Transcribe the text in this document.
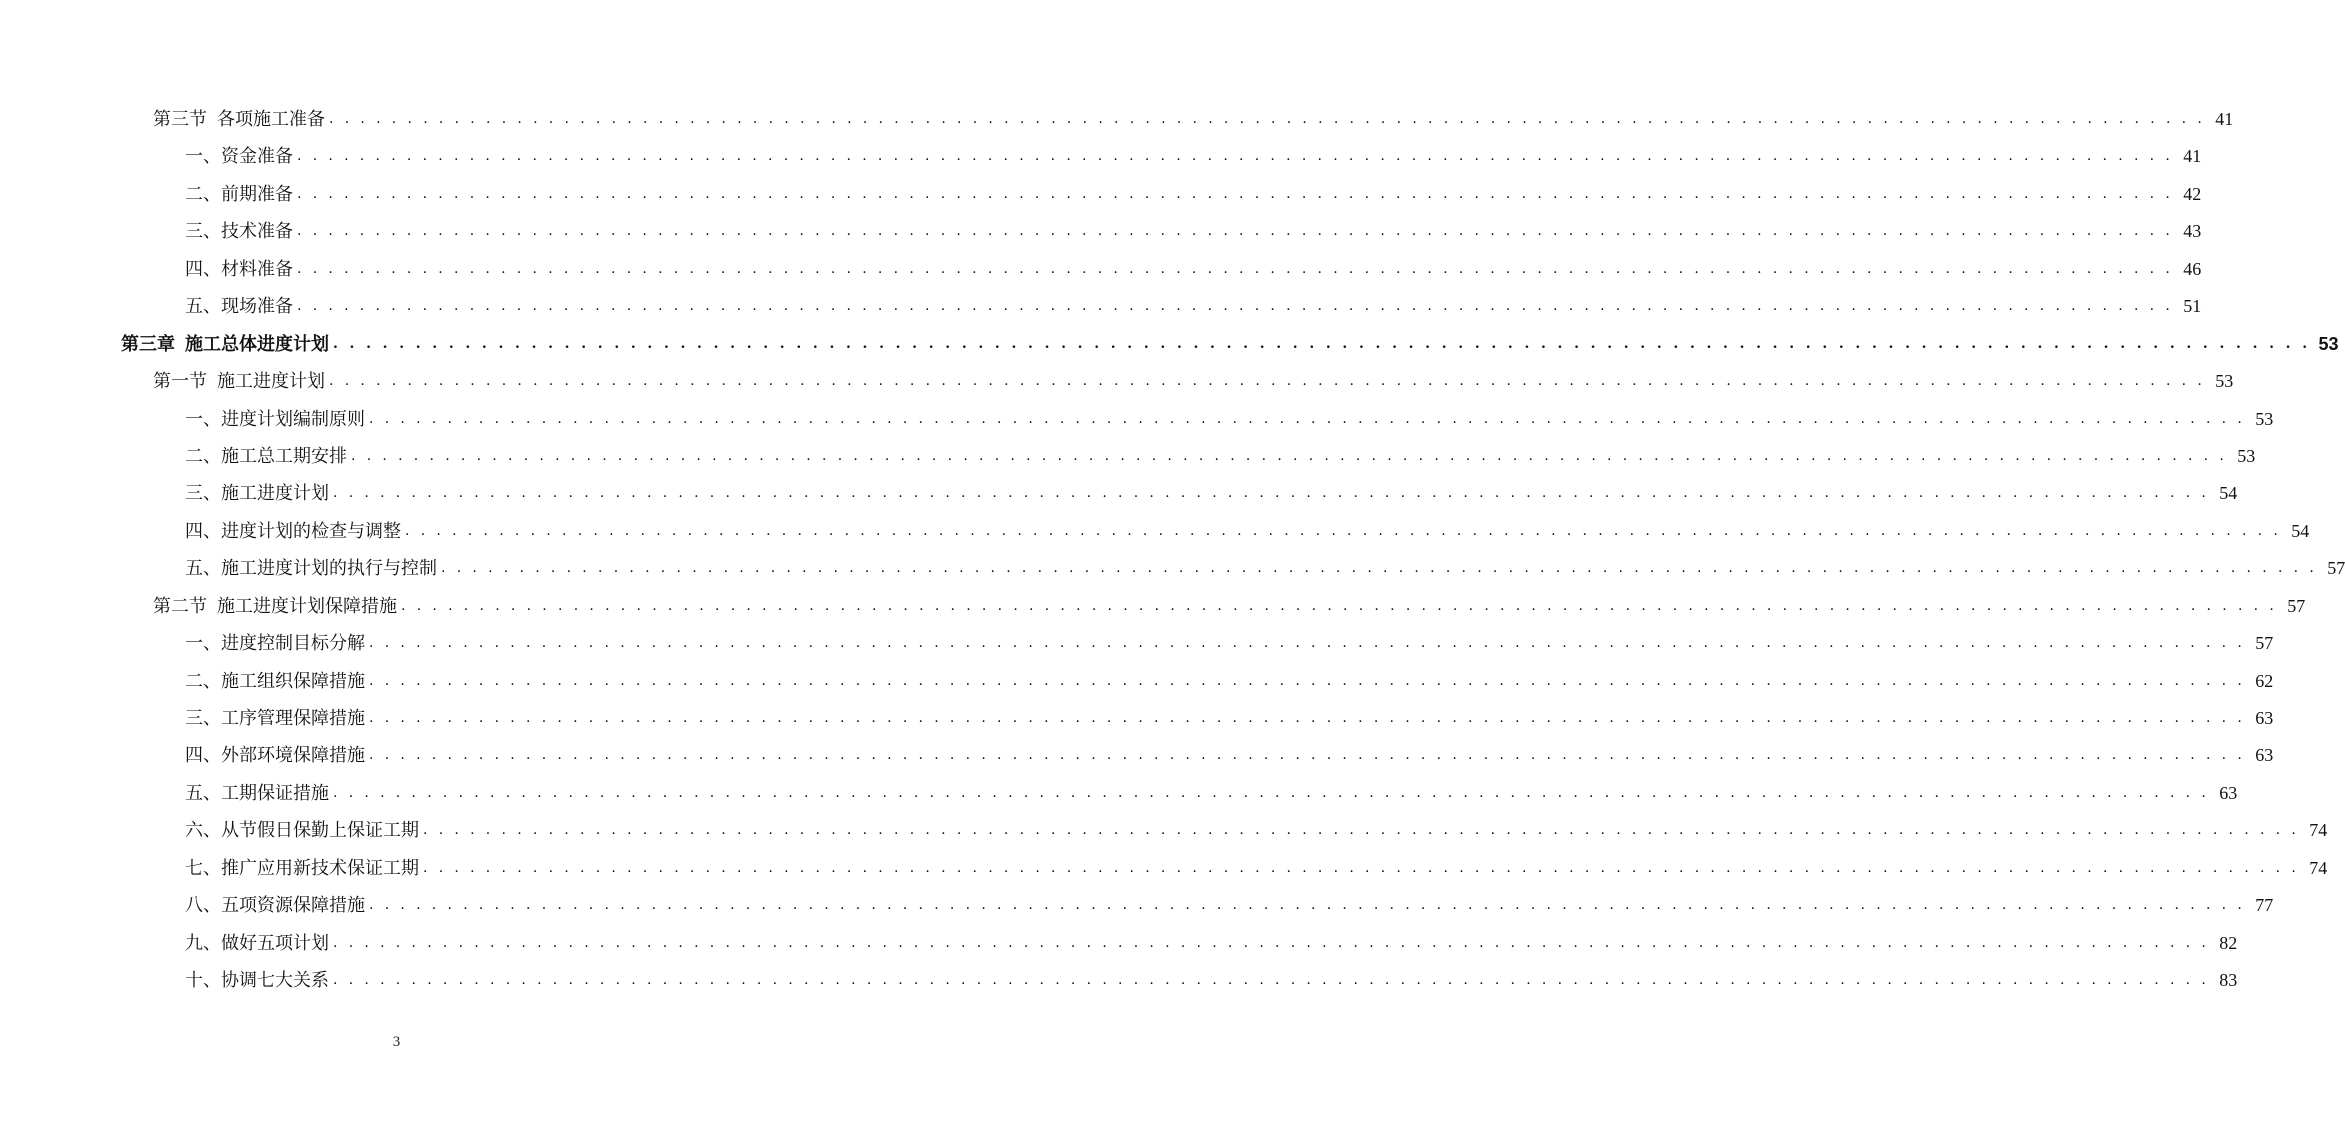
第三节 各项施工准备 . . . . . . . . . . . . . . . . . . . . . . . . . . . . . . . . . . . . . . . . . . . . . . . . . . . . . . . . . . . . . . . . . . . . . . . . . . . . . . . . . . . . . . . . . . . . . . . . . . . . . . . . . . . . . . . . . . . . . . . . 41
一、 资金准备 . . . . . . . . . . . . . . . . . . . . . . . . . . . . . . . . . . . . . . . . . . . . . . . . . . . . . . . . . . . . . . . . . . . . . . . . . . . . . . . . . . . . . . . . . . . . . . . . . . . . . . . . . . . . . . . . . . . . . . . . 41
二、 前期准备 . . . . . . . . . . . . . . . . . . . . . . . . . . . . . . . . . . . . . . . . . . . . . . . . . . . . . . . . . . . . . . . . . . . . . . . . . . . . . . . . . . . . . . . . . . . . . . . . . . . . . . . . . . . . . . . . . . . . . . . . 42
三、 技术准备 . . . . . . . . . . . . . . . . . . . . . . . . . . . . . . . . . . . . . . . . . . . . . . . . . . . . . . . . . . . . . . . . . . . . . . . . . . . . . . . . . . . . . . . . . . . . . . . . . . . . . . . . . . . . . . . . . . . . . . . . 43
四、 材料准备 . . . . . . . . . . . . . . . . . . . . . . . . . . . . . . . . . . . . . . . . . . . . . . . . . . . . . . . . . . . . . . . . . . . . . . . . . . . . . . . . . . . . . . . . . . . . . . . . . . . . . . . . . . . . . . . . . . . . . . . . 46
五、 现场准备 . . . . . . . . . . . . . . . . . . . . . . . . . . . . . . . . . . . . . . . . . . . . . . . . . . . . . . . . . . . . . . . . . . . . . . . . . . . . . . . . . . . . . . . . . . . . . . . . . . . . . . . . . . . . . . . . . . . . . . . . 51
第三章 施工总体进度计划 . . . . . . . . . . . . . . . . . . . . . . . . . . . . . . . . . . . . . . . . . . . . . . . . . . . . . . . . . . . . . . . . . . . . . . . . . . . . . . . . . . . . . . . . . . . . . . . . . . . . . . . . . . . . . . . . . . . . . . . . 53
第一节 施工进度计划 . . . . . . . . . . . . . . . . . . . . . . . . . . . . . . . . . . . . . . . . . . . . . . . . . . . . . . . . . . . . . . . . . . . . . . . . . . . . . . . . . . . . . . . . . . . . . . . . . . . . . . . . . . . . . . . . . . . . . . . . 53
一、 进度计划编制原则 . . . . . . . . . . . . . . . . . . . . . . . . . . . . . . . . . . . . . . . . . . . . . . . . . . . . . . . . . . . . . . . . . . . . . . . . . . . . . . . . . . . . . . . . . . . . . . . . . . . . . . . . . . . . . . . . . . . . . . . . 53
二、 施工总工期安排 . . . . . . . . . . . . . . . . . . . . . . . . . . . . . . . . . . . . . . . . . . . . . . . . . . . . . . . . . . . . . . . . . . . . . . . . . . . . . . . . . . . . . . . . . . . . . . . . . . . . . . . . . . . . . . . . . . . . . . . . 53
三、 施工进度计划 . . . . . . . . . . . . . . . . . . . . . . . . . . . . . . . . . . . . . . . . . . . . . . . . . . . . . . . . . . . . . . . . . . . . . . . . . . . . . . . . . . . . . . . . . . . . . . . . . . . . . . . . . . . . . . . . . . . . . . . . 54
四、 进度计划的检查与调整 . . . . . . . . . . . . . . . . . . . . . . . . . . . . . . . . . . . . . . . . . . . . . . . . . . . . . . . . . . . . . . . . . . . . . . . . . . . . . . . . . . . . . . . . . . . . . . . . . . . . . . . . . . . . . . . . . . . . . . . . 54
五、 施工进度计划的执行与控制 . . . . . . . . . . . . . . . . . . . . . . . . . . . . . . . . . . . . . . . . . . . . . . . . . . . . . . . . . . . . . . . . . . . . . . . . . . . . . . . . . . . . . . . . . . . . . . . . . . . . . . . . . . . . . . . . . . . . . . . . 57
第二节 施工进度计划保障措施 . . . . . . . . . . . . . . . . . . . . . . . . . . . . . . . . . . . . . . . . . . . . . . . . . . . . . . . . . . . . . . . . . . . . . . . . . . . . . . . . . . . . . . . . . . . . . . . . . . . . . . . . . . . . . . . . . . . . . . . . 57
一、 进度控制目标分解 . . . . . . . . . . . . . . . . . . . . . . . . . . . . . . . . . . . . . . . . . . . . . . . . . . . . . . . . . . . . . . . . . . . . . . . . . . . . . . . . . . . . . . . . . . . . . . . . . . . . . . . . . . . . . . . . . . . . . . . . 57
二、 施工组织保障措施 . . . . . . . . . . . . . . . . . . . . . . . . . . . . . . . . . . . . . . . . . . . . . . . . . . . . . . . . . . . . . . . . . . . . . . . . . . . . . . . . . . . . . . . . . . . . . . . . . . . . . . . . . . . . . . . . . . . . . . . . 62
三、 工序管理保障措施 . . . . . . . . . . . . . . . . . . . . . . . . . . . . . . . . . . . . . . . . . . . . . . . . . . . . . . . . . . . . . . . . . . . . . . . . . . . . . . . . . . . . . . . . . . . . . . . . . . . . . . . . . . . . . . . . . . . . . . . . 63
四、 外部环境保障措施 . . . . . . . . . . . . . . . . . . . . . . . . . . . . . . . . . . . . . . . . . . . . . . . . . . . . . . . . . . . . . . . . . . . . . . . . . . . . . . . . . . . . . . . . . . . . . . . . . . . . . . . . . . . . . . . . . . . . . . . . 63
五、 工期保证措施 . . . . . . . . . . . . . . . . . . . . . . . . . . . . . . . . . . . . . . . . . . . . . . . . . . . . . . . . . . . . . . . . . . . . . . . . . . . . . . . . . . . . . . . . . . . . . . . . . . . . . . . . . . . . . . . . . . . . . . . . 63
六、 从节假日保勤上保证工期 . . . . . . . . . . . . . . . . . . . . . . . . . . . . . . . . . . . . . . . . . . . . . . . . . . . . . . . . . . . . . . . . . . . . . . . . . . . . . . . . . . . . . . . . . . . . . . . . . . . . . . . . . . . . . . . . . . . . . . . . 74
七、 推广应用新技术保证工期 . . . . . . . . . . . . . . . . . . . . . . . . . . . . . . . . . . . . . . . . . . . . . . . . . . . . . . . . . . . . . . . . . . . . . . . . . . . . . . . . . . . . . . . . . . . . . . . . . . . . . . . . . . . . . . . . . . . . . . . . 74
八、 五项资源保障措施 . . . . . . . . . . . . . . . . . . . . . . . . . . . . . . . . . . . . . . . . . . . . . . . . . . . . . . . . . . . . . . . . . . . . . . . . . . . . . . . . . . . . . . . . . . . . . . . . . . . . . . . . . . . . . . . . . . . . . . . . 77
九、 做好五项计划 . . . . . . . . . . . . . . . . . . . . . . . . . . . . . . . . . . . . . . . . . . . . . . . . . . . . . . . . . . . . . . . . . . . . . . . . . . . . . . . . . . . . . . . . . . . . . . . . . . . . . . . . . . . . . . . . . . . . . . . . 82
十、 协调七大关系 . . . . . . . . . . . . . . . . . . . . . . . . . . . . . . . . . . . . . . . . . . . . . . . . . . . . . . . . . . . . . . . . . . . . . . . . . . . . . . . . . . . . . . . . . . . . . . . . . . . . . . . . . . . . . . . . . . . . . . . . 83
3
